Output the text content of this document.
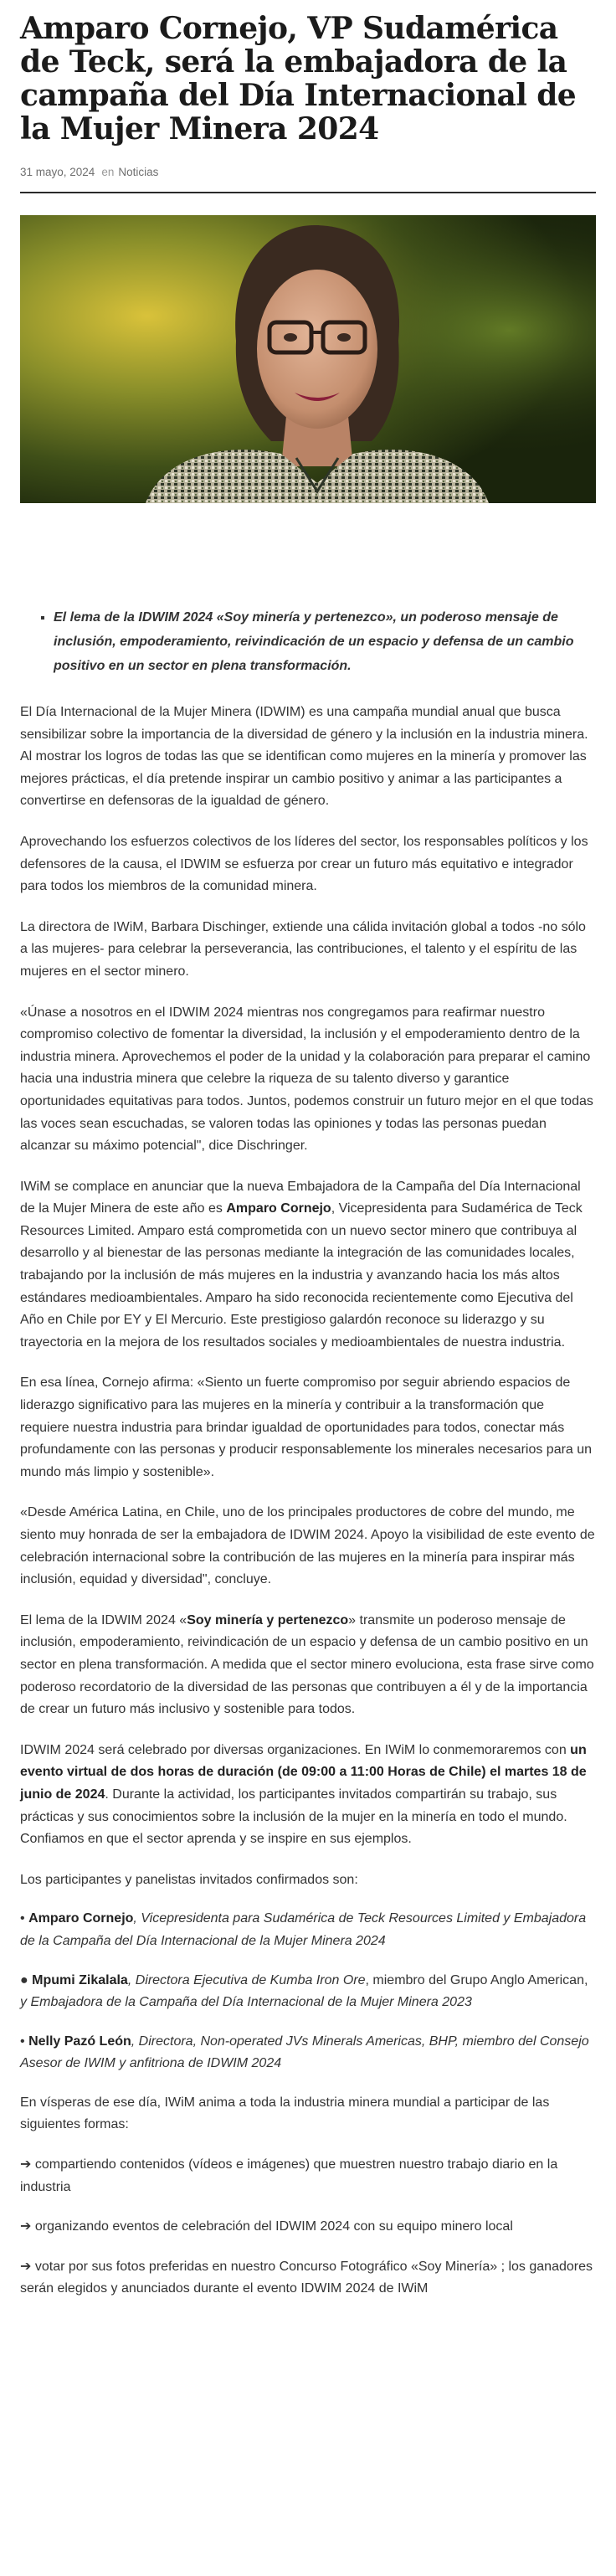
Amparo Cornejo, VP Sudamérica de Teck, será la embajadora de la campaña del Día Internacional de la Mujer Minera 2024
31 mayo, 2024 en Noticias
▪ El lema de la IDWIM 2024 «Soy minería y pertenezco», un poderoso mensaje de inclusión, empoderamiento, reivindicación de un espacio y defensa de un cambio positivo en un sector en plena transformación.

El Día Internacional de la Mujer Minera (IDWIM) es una campaña mundial anual que busca sensibilizar sobre la importancia de la diversidad de género y la inclusión en la industria minera. Al mostrar los logros de todas las que se identifican como mujeres en la minería y promover las mejores prácticas, el día pretende inspirar un cambio positivo y animar a las participantes a convertirse en defensoras de la igualdad de género.

Aprovechando los esfuerzos colectivos de los líderes del sector, los responsables políticos y los defensores de la causa, el IDWIM se esfuerza por crear un futuro más equitativo e integrador para todos los miembros de la comunidad minera.

La directora de IWiM, Barbara Dischinger, extiende una cálida invitación global a todos -no sólo a las mujeres- para celebrar la perseverancia, las contribuciones, el talento y el espíritu de las mujeres en el sector minero.

«Únase a nosotros en el IDWIM 2024 mientras nos congregamos para reafirmar nuestro compromiso colectivo de fomentar la diversidad, la inclusión y el empoderamiento dentro de la industria minera. Aprovechemos el poder de la unidad y la colaboración para preparar el camino hacia una industria minera que celebre la riqueza de su talento diverso y garantice oportunidades equitativas para todos. Juntos, podemos construir un futuro mejor en el que todas las voces sean escuchadas, se valoren todas las opiniones y todas las personas puedan alcanzar su máximo potencial", dice Dischringer.

IWiM se complace en anunciar que la nueva Embajadora de la Campaña del Día Internacional de la Mujer Minera de este año es Amparo Cornejo, Vicepresidenta para Sudamérica de Teck Resources Limited. Amparo está comprometida con un nuevo sector minero que contribuya al desarrollo y al bienestar de las personas mediante la integración de las comunidades locales, trabajando por la inclusión de más mujeres en la industria y avanzando hacia los más altos estándares medioambientales. Amparo ha sido reconocida recientemente como Ejecutiva del Año en Chile por EY y El Mercurio. Este prestigioso galardón reconoce su liderazgo y su trayectoria en la mejora de los resultados sociales y medioambientales de nuestra industria.

En esa línea, Cornejo afirma: «Siento un fuerte compromiso por seguir abriendo espacios de liderazgo significativo para las mujeres en la minería y contribuir a la transformación que requiere nuestra industria para brindar igualdad de oportunidades para todos, conectar más profundamente con las personas y producir responsablemente los minerales necesarios para un mundo más limpio y sostenible».

«Desde América Latina, en Chile, uno de los principales productores de cobre del mundo, me siento muy honrada de ser la embajadora de IDWIM 2024. Apoyo la visibilidad de este evento de celebración internacional sobre la contribución de las mujeres en la minería para inspirar más inclusión, equidad y diversidad", concluye.

El lema de la IDWIM 2024 «Soy minería y pertenezco» transmite un poderoso mensaje de inclusión, empoderamiento, reivindicación de un espacio y defensa de un cambio positivo en un sector en plena transformación. A medida que el sector minero evoluciona, esta frase sirve como poderoso recordatorio de la diversidad de las personas que contribuyen a él y de la importancia de crear un futuro más inclusivo y sostenible para todos.

IDWIM 2024 será celebrado por diversas organizaciones. En IWiM lo conmemoraremos con un evento virtual de dos horas de duración (de 09:00 a 11:00 Horas de Chile) el martes 18 de junio de 2024. Durante la actividad, los participantes invitados compartirán su trabajo, sus prácticas y sus conocimientos sobre la inclusión de la mujer en la minería en todo el mundo. Confiamos en que el sector aprenda y se inspire en sus ejemplos.

Los participantes y panelistas invitados confirmados son:

• Amparo Cornejo, Vicepresidenta para Sudamérica de Teck Resources Limited y Embajadora de la Campaña del Día Internacional de la Mujer Minera 2024

● Mpumi Zikalala, Directora Ejecutiva de Kumba Iron Ore, miembro del Grupo Anglo American, y Embajadora de la Campaña del Día Internacional de la Mujer Minera 2023

• Nelly Pazó León, Directora, Non-operated JVs Minerals Americas, BHP, miembro del Consejo Asesor de IWIM y anfitriona de IDWIM 2024

En vísperas de ese día, IWiM anima a toda la industria minera mundial a participar de las siguientes formas:

➔ compartiendo contenidos (vídeos e imágenes) que muestren nuestro trabajo diario en la industria

➔ organizando eventos de celebración del IDWIM 2024 con su equipo minero local

➔ votar por sus fotos preferidas en nuestro Concurso Fotográfico «Soy Minería» ; los ganadores serán elegidos y anunciados durante el evento IDWIM 2024 de IWiM
